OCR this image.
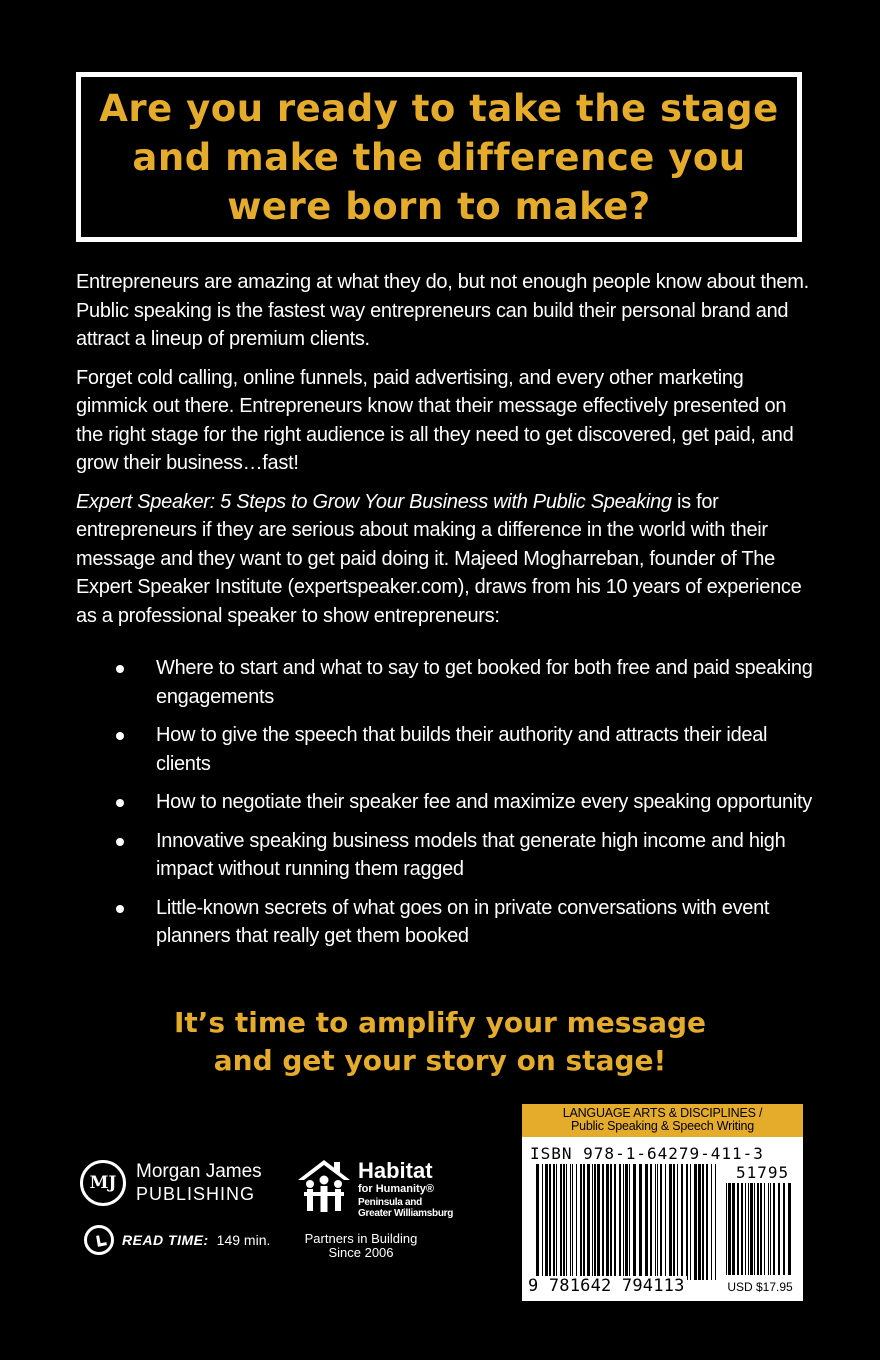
Are you ready to take the stage
and make the difference you
were born to make?

Entrepreneurs are amazing at what they do, but not enough people know about them. Public speaking is the fastest way entrepreneurs can build their personal brand and attract a lineup of premium clients.

Forget cold calling, online funnels, paid advertising, and every other marketing gimmick out there. Entrepreneurs know that their message effectively presented on the right stage for the right audience is all they need to get discovered, get paid, and grow their business…fast!

Expert Speaker: 5 Steps to Grow Your Business with Public Speaking is for entrepreneurs if they are serious about making a difference in the world with their message and they want to get paid doing it. Majeed Mogharreban, founder of The Expert Speaker Institute (expertspeaker.com), draws from his 10 years of experience as a professional speaker to show entrepreneurs:

Where to start and what to say to get booked for both free and paid speaking engagements
How to give the speech that builds their authority and attracts their ideal clients
How to negotiate their speaker fee and maximize every speaking opportunity
Innovative speaking business models that generate high income and high impact without running them ragged
Little-known secrets of what goes on in private conversations with event planners that really get them booked
It’s time to amplify your message
and get your story on stage!
MJ
Morgan James
PUBLISHING
READ TIME: 149 min.
Habitat
for Humanity®
Peninsula and
Greater Williamsburg
Partners in Building
Since 2006
LANGUAGE ARTS & DISCIPLINES /
Public Speaking & Speech Writing
ISBN 978-1-64279-411-3
51795
9 781642 794113	USD $17.95
